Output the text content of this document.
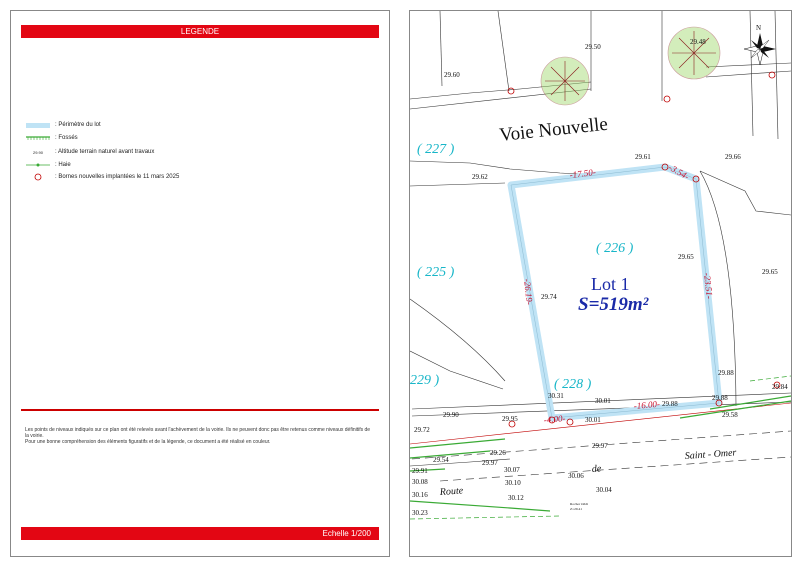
LEGENDE
: Périmètre du lot
: Fossés
29.90	: Altitude terrain naturel avant travaux
: Haie
: Bornes nouvelles implantées le 11 mars 2025
Les points de niveaux indiqués sur ce plan ont été relevés avant l'achèvement de la voirie. Ils ne peuvent donc pas être retenus comme niveaux définitifs de la voirie.
Pour une bonne compréhension des éléments figuratifs et de la légende, ce document a été réalisé en couleur.
Echelle 1/200
N
Voie Nouvelle
Route
de
Saint - Omer
( 227 )
( 225 )
( 226 )
( 228 )
229 )
Lot 1
S=519m²
-17.50-	-3.54-
-23.51-
-26.19-
-16.00-
-4.00-
29.50
29.48
29.60
29.61	29.66
29.62
29.65
29.65
29.74
29.88
29.88
29.84
29.58
30.31
30.01
30.01
29.88
29.90	29.95
29.72
29.97
29.26
29.97
30.07
29.54
29.91
30.08
30.16
30.10
30.12
30.06
30.04
30.23
Rocher Oddi
Z=29.41
